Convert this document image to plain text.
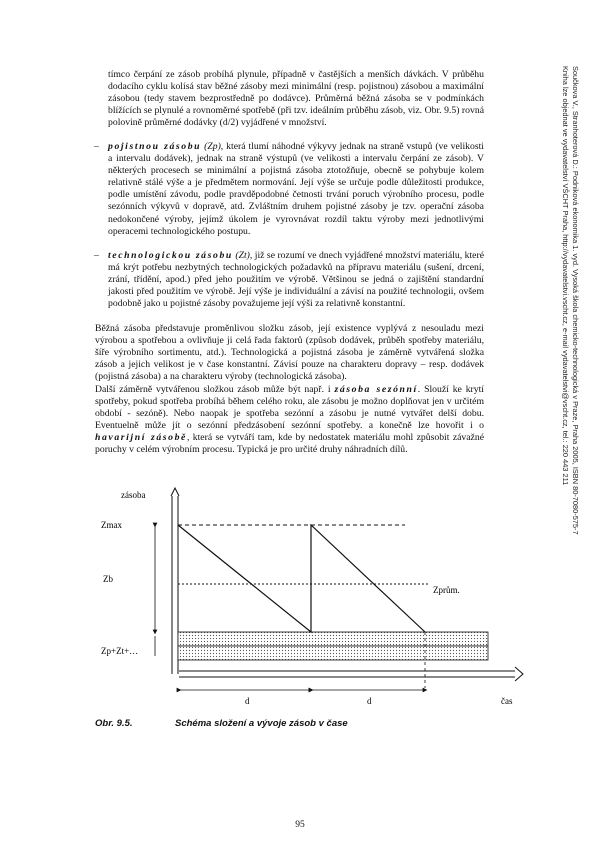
tímco čerpání ze zásob probíhá plynule, případně v častějších a menších dávkách. V průběhu dodacího cyklu kolísá stav běžné zásoby mezi minimální (resp. pojistnou) zásobou a maximální zásobou (tedy stavem bezprostředně po dodávce). Průměrná běžná zásoba se v podmínkách blížících se plynulé a rovnoměrné spotřebě (při tzv. ideálním průběhu zásob, viz. Obr. 9.5) rovná polovině průměrné dodávky (d/2) vyjádřené v množství.

– pojistnou zásobu (Zp), která tlumí náhodné výkyvy jednak na straně vstupů (ve velikosti a intervalu dodávek), jednak na straně výstupů (ve velikosti a intervalu čerpání ze zásob). V některých procesech se minimální a pojistná zásoba ztotožňuje, obecně se pohybuje kolem relativně stálé výše a je předmětem normování. Její výše se určuje podle důležitosti produkce, podle umístění závodu, podle pravděpodobné četnosti trvání poruch výrobního procesu, podle sezónních výkyvů v dopravě, atd. Zvláštním druhem pojistné zásoby je tzv. operační zásoba nedokončené výroby, jejímž úkolem je vyrovnávat rozdíl taktu výroby mezi jednotlivými operacemi technologického postupu.

– technologickou zásobu (Zt), již se rozumí ve dnech vyjádřené množství materiálu, které má krýt potřebu nezbytných technologických požadavků na přípravu materiálu (sušení, drcení, zrání, třídění, apod.) před jeho použitím ve výrobě. Většinou se jedná o zajištění standardní jakosti před použitím ve výrobě. Její výše je individuální a závisí na použité technologii, ovšem podobně jako u pojistné zásoby považujeme její výši za relativně konstantní.

Běžná zásoba představuje proměnlivou složku zásob, její existence vyplývá z nesouladu mezi výrobou a spotřebou a ovlivňuje ji celá řada faktorů (způsob dodávek, průběh spotřeby materiálu, šíře výrobního sortimentu, atd.). Technologická a pojistná zásoba je záměrně vytvářená složka zásob a jejich velikost je v čase konstantní. Závisí pouze na charakteru dopravy – resp. dodávek (pojistná zásoba) a na charakteru výroby (technologická zásoba).

Další záměrně vytvářenou složkou zásob může být např. i zásoba sezónní. Slouží ke krytí spotřeby, pokud spotřeba probíhá během celého roku, ale zásobu je možno doplňovat jen v určitém období - sezóně). Nebo naopak je spotřeba sezónní a zásobu je nutné vytvářet delší dobu. Eventuelně může jít o sezónní předzásobení sezónní spotřeby. a konečně lze hovořit i o havarijní zásobě, která se vytváří tam, kde by nedostatek materiálu mohl způsobit závažné poruchy v celém výrobním procesu. Typická je pro určité druhy náhradních dílů.	Součkova V., Stranhoterová D.: Podniková ekonomika 1. vyd. Vysoká škola chemicko-technologická v Praze, Praha 2005, ISBN 80-7080-575-7
Kniha lze objednat ve vydavatelství VŠCHT Praha, http://vydavatelstvi.vscht.cz, e-mail vydavatelstvi@vscht.cz, tel.: 220 443 211
zásoba
Zmax
Zprům.
Zb
Zp+Zt+…
d	d	čas
Obr. 9.5.	Schéma složení a vývoje zásob v čase
95
